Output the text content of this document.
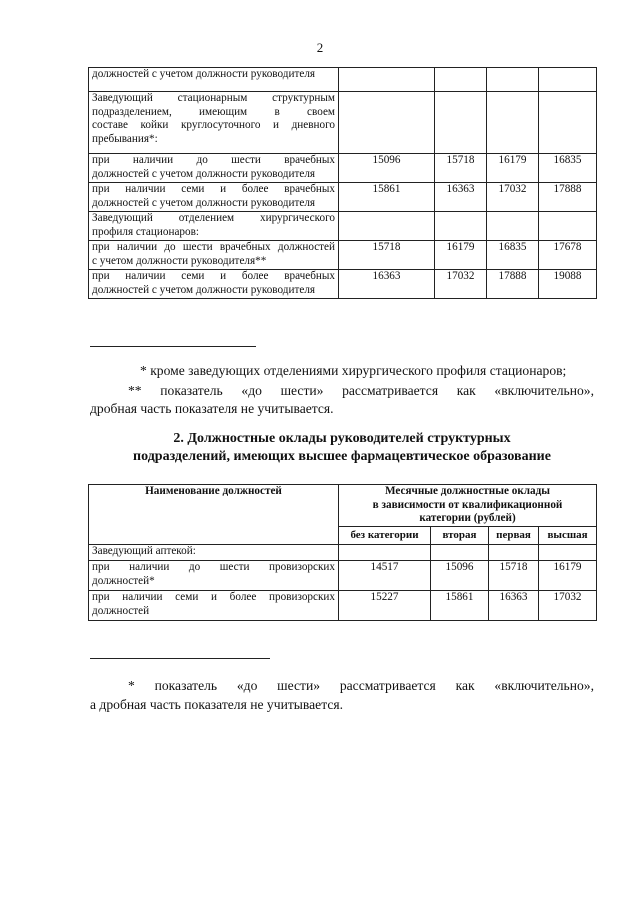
2
должностей с учетом должности руководителя				

Заведующий стационарным структурным
подразделением, имеющим в своем
составе койки круглосуточного и дневного
пребывания*:				

при наличии до шести врачебных
должностей с учетом должности руководителя	15096	15718	16179	16835

при наличии семи и более врачебных
должностей с учетом должности руководителя	15861	16363	17032	17888

Заведующий отделением хирургического
профиля стационаров:				

при наличии до шести врачебных должностей
с учетом должности руководителя**	15718	16179	16835	17678

при наличии семи и более врачебных
должностей с учетом должности руководителя	16363	17032	17888	19088
* кроме заведующих отделениями хирургического профиля стационаров;
** показатель «до шести» рассматривается как «включительно»,
дробная часть показателя не учитывается.
2. Должностные оклады руководителей структурных
подразделений, имеющих высшее фармацевтическое образование
Наименование должностей	Месячные должностные оклады
в зависимости от квалификационной
категории (рублей)			

	без категории	вторая	первая	высшая

Заведующий аптекой:				

при наличии до шести провизорских
должностей*	14517	15096	15718	16179

при наличии семи и более провизорских
должностей	15227	15861	16363	17032
* показатель «до шести» рассматривается как «включительно»,
а дробная часть показателя не учитывается.
